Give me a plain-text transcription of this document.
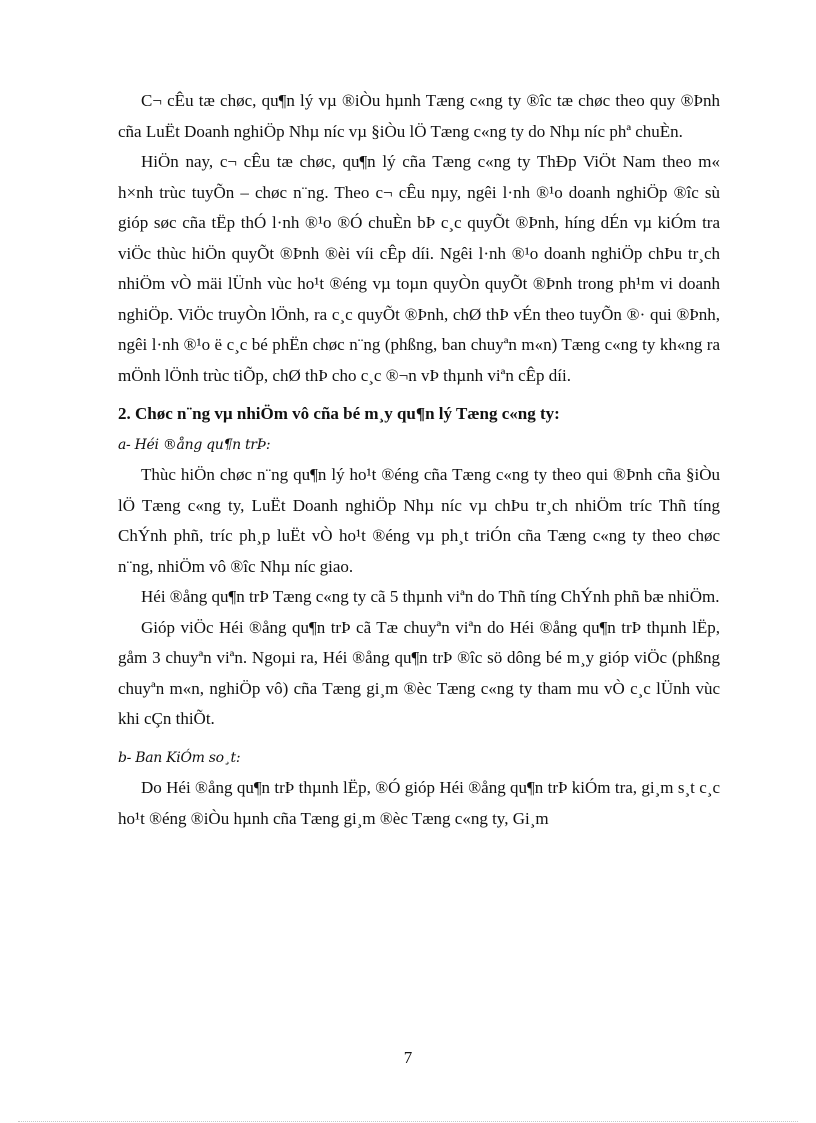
C¬ cÊu tæ chøc, qu¶n lý vµ ®iÒu hµnh Tæng c«ng ty ®îc tæ chøc theo quy ®Þnh cña LuËt Doanh nghiÖp Nhµ níc vµ §iÒu lÖ Tæng c«ng ty do Nhµ níc phª chuÈn.

HiÖn nay, c¬ cÊu tæ chøc, qu¶n lý cña Tæng c«ng ty ThÐp ViÖt Nam theo m« h×nh trùc tuyÕn – chøc n¨ng. Theo c¬ cÊu nµy, ngêi l·nh ®¹o doanh nghiÖp ®îc sù gióp søc cña tËp thÓ l·nh ®¹o ®Ó chuÈn bÞ c¸c quyÕt ®Þnh, híng dÉn vµ kiÓm tra viÖc thùc hiÖn quyÕt ®Þnh ®èi víi cÊp díi. Ngêi l·nh ®¹o doanh nghiÖp chÞu tr¸ch nhiÖm vÒ mäi lÜnh vùc ho¹t ®éng vµ toµn quyÒn quyÕt ®Þnh trong ph¹m vi doanh nghiÖp. ViÖc truyÒn lÖnh, ra c¸c quyÕt ®Þnh, chØ thÞ vÉn theo tuyÕn ®· qui ®Þnh, ngêi l·nh ®¹o ë c¸c bé phËn chøc n¨ng (phßng, ban chuyªn m«n) Tæng c«ng ty kh«ng ra mÖnh lÖnh trùc tiÕp, chØ thÞ cho c¸c ®¬n vÞ thµnh viªn cÊp díi.

2. Chøc n¨ng vµ nhiÖm vô cña bé m¸y qu¶n lý Tæng c«ng ty:

a- Héi ®ång qu¶n trÞ:

Thùc hiÖn chøc n¨ng qu¶n lý ho¹t ®éng cña Tæng c«ng ty theo qui ®Þnh cña §iÒu lÖ Tæng c«ng ty, LuËt Doanh nghiÖp Nhµ níc vµ chÞu tr¸ch nhiÖm tríc Thñ tíng ChÝnh phñ, tríc ph¸p luËt vÒ ho¹t ®éng vµ ph¸t triÓn cña Tæng c«ng ty theo chøc n¨ng, nhiÖm vô ®îc Nhµ níc giao.

Héi ®ång qu¶n trÞ Tæng c«ng ty cã 5 thµnh viªn do Thñ tíng ChÝnh phñ bæ nhiÖm.

Gióp viÖc Héi ®ång qu¶n trÞ cã Tæ chuyªn viªn do Héi ®ång qu¶n trÞ thµnh lËp, gåm 3 chuyªn viªn. Ngoµi ra, Héi ®ång qu¶n trÞ ®îc sö dông bé m¸y gióp viÖc (phßng chuyªn m«n, nghiÖp vô) cña Tæng gi¸m ®èc Tæng c«ng ty tham mu vÒ c¸c lÜnh vùc khi cÇn thiÕt.

b- Ban KiÓm so¸t:

Do Héi ®ång qu¶n trÞ thµnh lËp, ®Ó gióp Héi ®ång qu¶n trÞ kiÓm tra, gi¸m s¸t c¸c ho¹t ®éng ®iÒu hµnh cña Tæng gi¸m ®èc Tæng c«ng ty, Gi¸m

7
